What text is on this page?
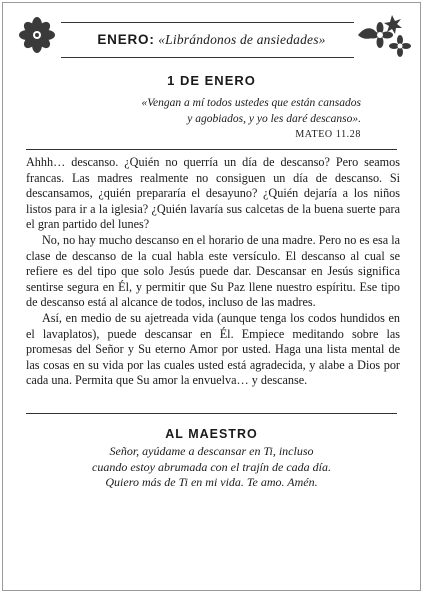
ENERO: «Librándonos de ansiedades»
1 DE ENERO
«Vengan a mí todos ustedes que están cansados
y agobiados, y yo les daré descanso».
MATEO 11.28

Ahhh… descanso. ¿Quién no querría un día de descanso? Pero seamos francas. Las madres realmente no consiguen un día de descanso. Si descansamos, ¿quién prepararía el desayuno? ¿Quién dejaría a los niños listos para ir a la iglesia? ¿Quién lavaría sus calcetas de la buena suerte para el gran partido del lunes?

No, no hay mucho descanso en el horario de una madre. Pero no es esa la clase de descanso de la cual habla este versículo. El descanso al cual se refiere es del tipo que solo Jesús puede dar. Descansar en Jesús significa sentirse segura en Él, y permitir que Su Paz llene nuestro espíritu. Ese tipo de descanso está al alcance de todos, incluso de las madres.

Así, en medio de su ajetreada vida (aunque tenga los codos hundidos en el lavaplatos), puede descansar en Él. Empiece meditando sobre las promesas del Señor y Su eterno Amor por usted. Haga una lista mental de las cosas en su vida por las cuales usted está agradecida, y alabe a Dios por cada una. Permita que Su amor la envuelva… y descanse.

AL MAESTRO
Señor, ayúdame a descansar en Ti, incluso
cuando estoy abrumada con el trajín de cada día.
Quiero más de Ti en mi vida. Te amo. Amén.
